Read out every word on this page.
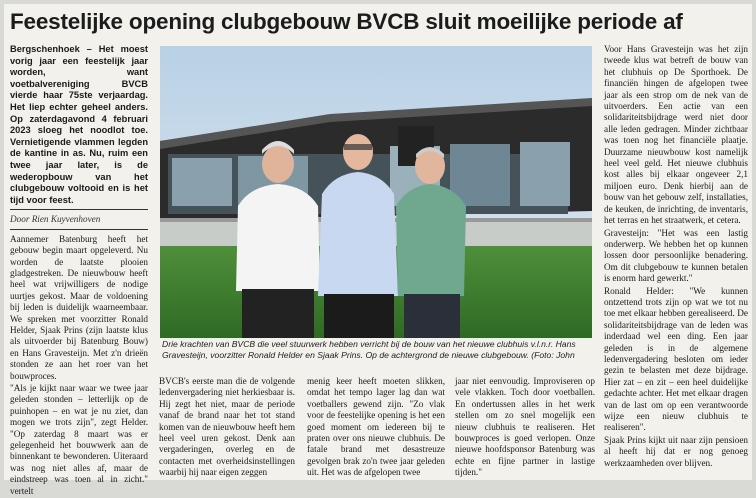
Feestelijke opening clubgebouw BVCB sluit moeilijke periode af

Bergschenhoek – Het moest vorig jaar een feestelijk jaar worden, want voetbalvereniging BVCB vierde haar 75ste verjaardag. Het liep echter geheel anders. Op zaterdagavond 4 februari 2023 sloeg het noodlot toe. Vernietigende vlammen legden de kantine in as. Nu, ruim een twee jaar later, is de wederopbouw van het clubgebouw voltooid en is het tijd voor feest.

Door Rien Kuyvenhoven

Aannemer Batenburg heeft het gebouw begin maart opgeleverd. Nu worden de laatste plooien gladgestreken. De nieuwbouw heeft heel wat vrijwilligers de nodige uurtjes gekost. Maar de voldoening bij leden is duidelijk waarneembaar. We spreken met voorzitter Ronald Helder, Sjaak Prins (zijn laatste klus als uitvoerder bij Batenburg Bouw) en Hans Gravesteijn. Met z'n drieën stonden ze aan het roer van het bouwproces.

"Als je kijkt naar waar we twee jaar geleden stonden – letterlijk op de puinhopen – en wat je nu ziet, dan mogen we trots zijn", zegt Helder. "Op zaterdag 8 maart was er gelegenheid het bouwwerk aan de binnenkant te bewonderen. Uiteraard was nog niet alles af, maar de eindstreep was toen al in zicht." vertelt

Drie krachten van BVCB die veel stuurwerk hebben verricht bij de bouw van het nieuwe clubhuis v.l.n.r. Hans Gravesteijn, voorzitter Ronald Helder en Sjaak Prins. Op de achtergrond de nieuwe clubgebouw. (Foto: John

BVCB's eerste man die de volgende ledenvergadering niet herkiesbaar is. Hij zegt het niet, maar de periode vanaf de brand naar het tot stand komen van de nieuwbouw heeft hem heel veel uren gekost. Denk aan vergaderingen, overleg en de contacten met overheidsinstellingen waarbij hij naar eigen zeggen

menig keer heeft moeten slikken, omdat het tempo lager lag dan wat voetballers gewend zijn. "Zo vlak voor de feestelijke opening is het een goed moment om iedereen bij te praten over ons nieuwe clubhuis. De fatale brand met desastreuze gevolgen brak zo'n twee jaar geleden uit. Het was de afgelopen twee

jaar niet eenvoudig. Improviseren op vele vlakken. Toch door voetballen. En ondertussen alles in het werk stellen om zo snel mogelijk een nieuw clubhuis te realiseren. Het bouwproces is goed verlopen. Onze nieuwe hoofdsponsor Batenburg was echte en fijne partner in lastige tijden."

Voor Hans Gravesteijn was het zijn tweede klus wat betreft de bouw van het clubhuis op De Sporthoek. De financiën hingen de afgelopen twee jaar als een strop om de nek van de uitvoerders. Een actie van een solidariteitsbijdrage werd niet door alle leden gedragen. Minder zichtbaar was toen nog het financiële plaatje. Duurzame nieuwbouw kost namelijk heel veel geld. Het nieuwe clubhuis kost alles bij elkaar ongeveer 2,1 miljoen euro. Denk hierbij aan de bouw van het gebouw zelf, installaties, de keuken, de inrichting, de inventaris, het terras en het straatwerk, et cetera.

Gravesteijn: "Het was een lastig onderwerp. We hebben het op kunnen lossen door persoonlijke benadering. Om dit clubgebouw te kunnen betalen is enorm hard gewerkt."

Ronald Helder: "We kunnen ontzettend trots zijn op wat we tot nu toe met elkaar hebben gerealiseerd. De solidariteitsbijdrage van de leden was inderdaad wel een ding. Een jaar geleden is in de algemene ledenvergadering besloten om ieder gezin te belasten met deze bijdrage. Hier zat – en zit – een heel duidelijke gedachte achter. Het met elkaar dragen van de last om op een verantwoorde wijze een nieuw clubhuis te realiseren".

Sjaak Prins kijkt uit naar zijn pensioen al heeft hij dat er nog genoeg werkzaamheden over blijven.
